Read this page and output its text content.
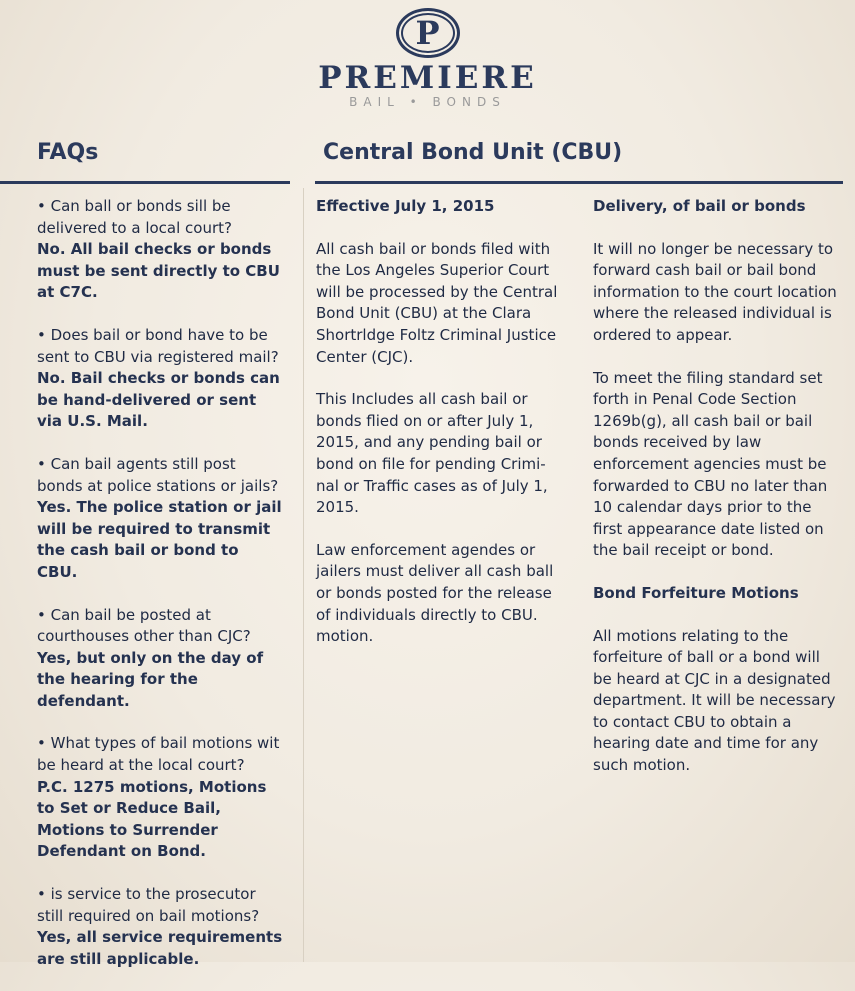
P
PREMIERE
BAIL • BONDS
FAQs	Central Bond Unit (CBU)
• Can ball or bonds sill be delivered to a local court?
No. All bail checks or bonds must be sent directly to CBU at C7C.
• Does bail or bond have to be sent to CBU via registered mail?
No. Bail checks or bonds can be hand-delivered or sent via U.S. Mail.
• Can bail agents still post bonds at police stations or jails?
Yes. The police station or jail will be required to transmit the cash bail or bond to CBU.
• Can bail be posted at courthouses other than CJC?
Yes, but only on the day of the hearing for the defendant.
• What types of bail motions wit be heard at the local court?
P.C. 1275 motions, Motions to Set or Reduce Bail, Motions to Surrender Defendant on Bond.
• is service to the prosecutor still required on bail motions?
Yes, all service requirements are still applicable.
Effective July 1, 2015

All cash bail or bonds filed with the Los Angeles Superior Court will be processed by the Central Bond Unit (CBU) at the Clara Shortrldge Foltz Criminal Justice Center (CJC).

This Includes all cash bail or bonds flied on or after July 1, 2015, and any pending bail or bond on file for pending Crimi-nal or Traffic cases as of July 1, 2015.

Law enforcement agendes or jailers must deliver all cash ball or bonds posted for the release of individuals directly to CBU. motion.

Delivery, of bail or bonds

It will no longer be necessary to forward cash bail or bail bond information to the court location where the released individual is ordered to appear.

To meet the filing standard set forth in Penal Code Section 1269b(g), all cash bail or bail bonds received by law enforcement agencies must be forwarded to CBU no later than 10 calendar days prior to the first appearance date listed on the bail receipt or bond.

Bond Forfeiture Motions

All motions relating to the forfeiture of ball or a bond will be heard at CJC in a designated department. It will be necessary to contact CBU to obtain a hearing date and time for any such motion.
